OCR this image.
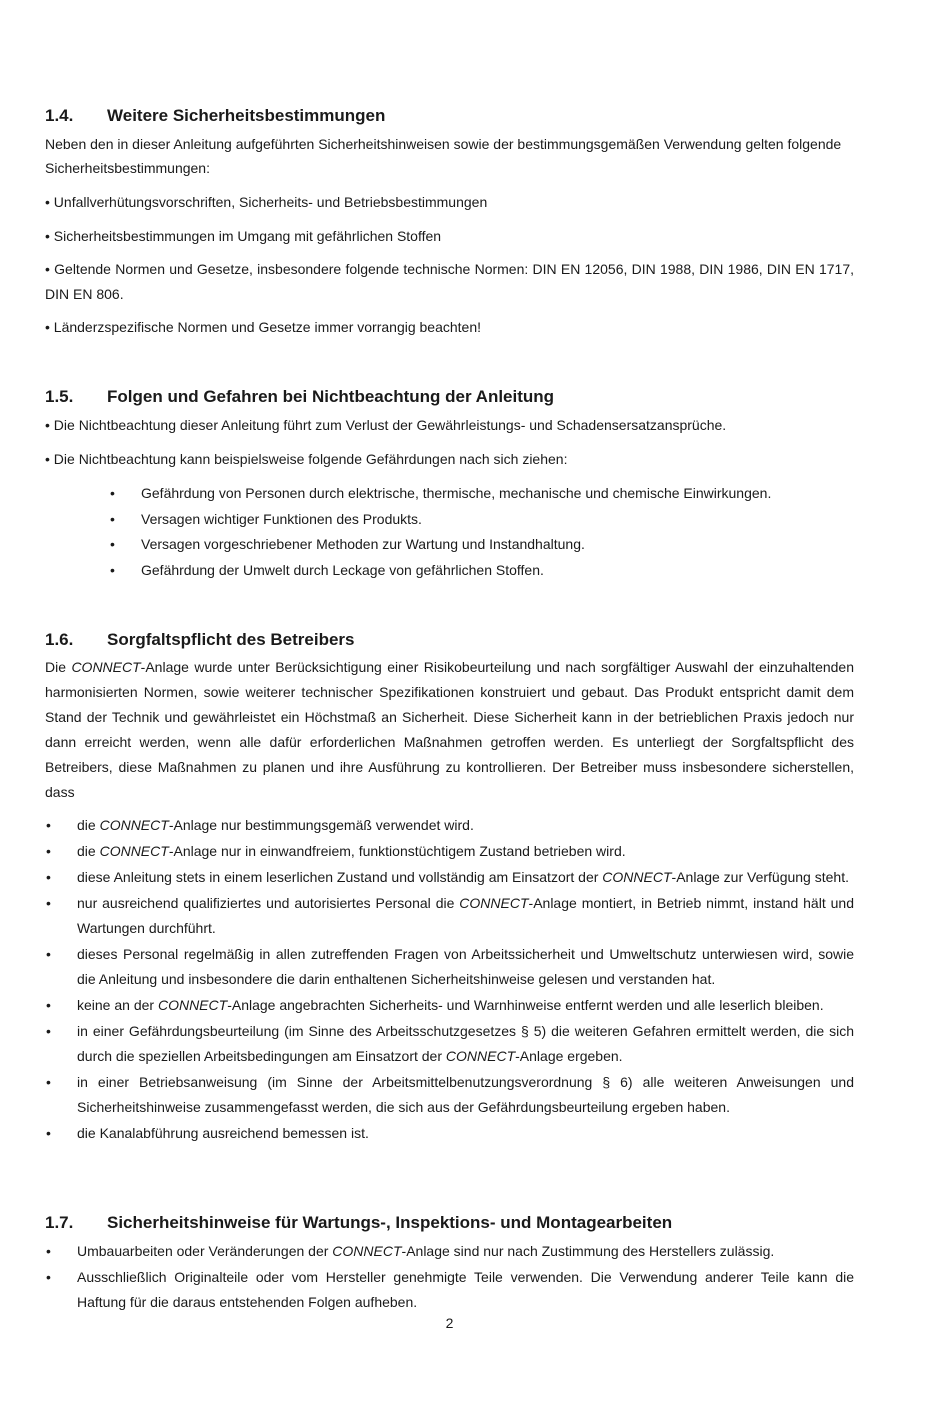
1.4. Weitere Sicherheitsbestimmungen

Neben den in dieser Anleitung aufgeführten Sicherheitshinweisen sowie der bestimmungsgemäßen Verwendung gelten folgende Sicherheitsbestimmungen:

• Unfallverhütungsvorschriften, Sicherheits- und Betriebsbestimmungen

• Sicherheitsbestimmungen im Umgang mit gefährlichen Stoffen

• Geltende Normen und Gesetze, insbesondere folgende technische Normen: DIN EN 12056, DIN 1988, DIN 1986, DIN EN 1717, DIN EN 806.

• Länderzspezifische Normen und Gesetze immer vorrangig beachten!

1.5. Folgen und Gefahren bei Nichtbeachtung der Anleitung

• Die Nichtbeachtung dieser Anleitung führt zum Verlust der Gewährleistungs- und Schadensersatzansprüche.

• Die Nichtbeachtung kann beispielsweise folgende Gefährdungen nach sich ziehen:

• Gefährdung von Personen durch elektrische, thermische, mechanische und chemische Einwirkungen.
• Versagen wichtiger Funktionen des Produkts.
• Versagen vorgeschriebener Methoden zur Wartung und Instandhaltung.
• Gefährdung der Umwelt durch Leckage von gefährlichen Stoffen.
1.6. Sorgfaltspflicht des Betreibers

Die CONNECT-Anlage wurde unter Berücksichtigung einer Risikobeurteilung und nach sorgfältiger Auswahl der einzuhaltenden harmonisierten Normen, sowie weiterer technischer Spezifikationen konstruiert und gebaut. Das Produkt entspricht damit dem Stand der Technik und gewährleistet ein Höchstmaß an Sicherheit. Diese Sicherheit kann in der betrieblichen Praxis jedoch nur dann erreicht werden, wenn alle dafür erforderlichen Maßnahmen getroffen werden. Es unterliegt der Sorgfaltspflicht des Betreibers, diese Maßnahmen zu planen und ihre Ausführung zu kontrollieren. Der Betreiber muss insbesondere sicherstellen, dass

• die CONNECT-Anlage nur bestimmungsgemäß verwendet wird.
• die CONNECT-Anlage nur in einwandfreiem, funktionstüchtigem Zustand betrieben wird.
• diese Anleitung stets in einem leserlichen Zustand und vollständig am Einsatzort der CONNECT-Anlage zur Verfügung steht.
• nur ausreichend qualifiziertes und autorisiertes Personal die CONNECT-Anlage montiert, in Betrieb nimmt, instand hält und Wartungen durchführt.
• dieses Personal regelmäßig in allen zutreffenden Fragen von Arbeitssicherheit und Umweltschutz unterwiesen wird, sowie die Anleitung und insbesondere die darin enthaltenen Sicherheitshinweise gelesen und verstanden hat.
• keine an der CONNECT-Anlage angebrachten Sicherheits- und Warnhinweise entfernt werden und alle leserlich bleiben.
• in einer Gefährdungsbeurteilung (im Sinne des Arbeitsschutzgesetzes § 5) die weiteren Gefahren ermittelt werden, die sich durch die speziellen Arbeitsbedingungen am Einsatzort der CONNECT-Anlage ergeben.
• in einer Betriebsanweisung (im Sinne der Arbeitsmittelbenutzungsverordnung § 6) alle weiteren Anweisungen und Sicherheitshinweise zusammengefasst werden, die sich aus der Gefährdungsbeurteilung ergeben haben.
• die Kanalabführung ausreichend bemessen ist.
1.7. Sicherheitshinweise für Wartungs-, Inspektions- und Montagearbeiten
• Umbauarbeiten oder Veränderungen der CONNECT-Anlage sind nur nach Zustimmung des Herstellers zulässig.
• Ausschließlich Originalteile oder vom Hersteller genehmigte Teile verwenden. Die Verwendung anderer Teile kann die Haftung für die daraus entstehenden Folgen aufheben.
2
